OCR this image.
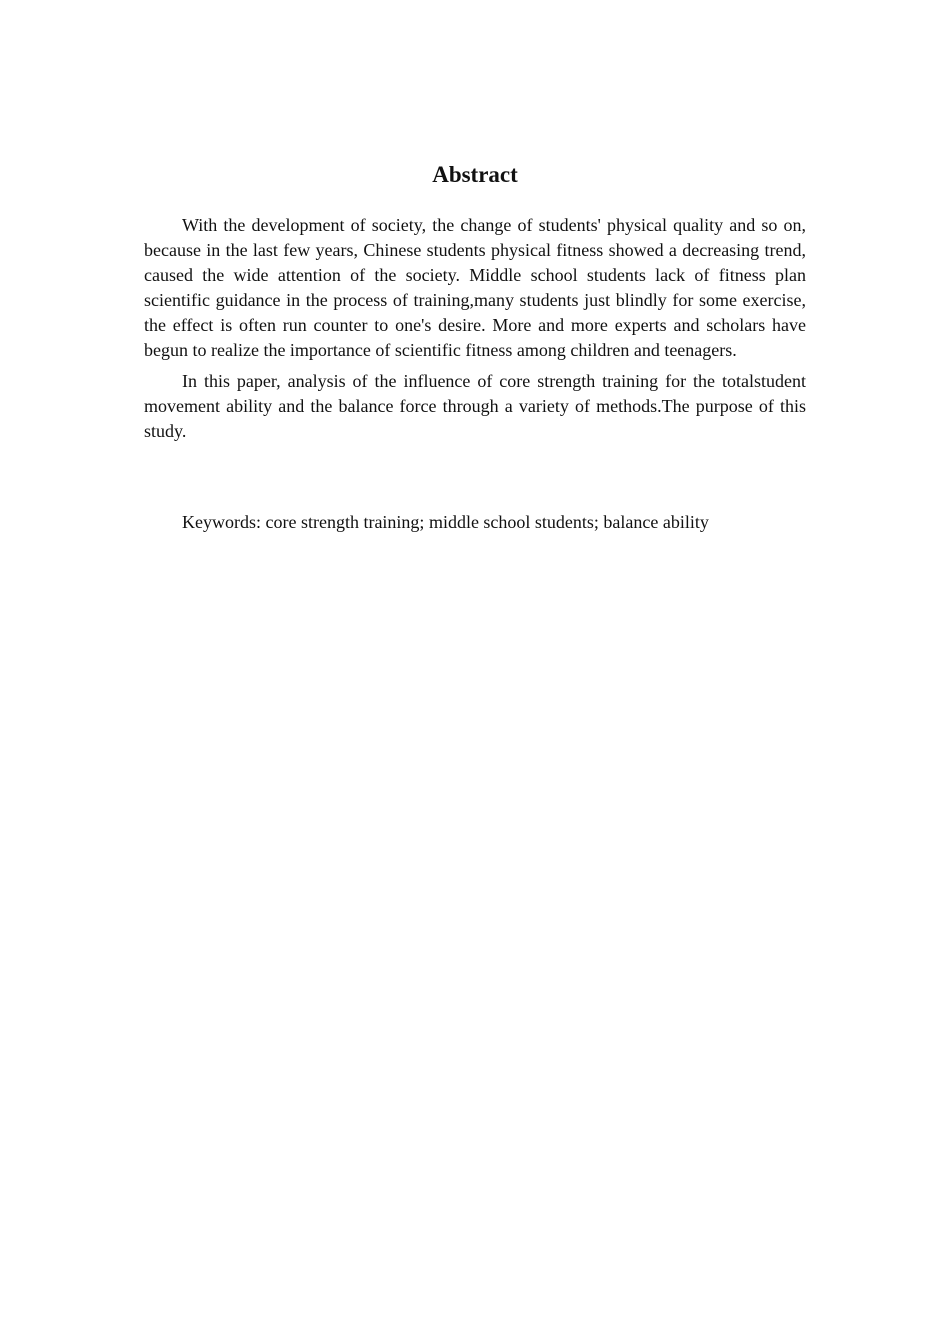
Abstract

With the development of society, the change of students' physical quality and so on, because in the last few years, Chinese students physical fitness showed a decreasing trend, caused the wide attention of the society. Middle school students lack of fitness plan scientific guidance in the process of training,many students just blindly for some exercise, the effect is often run counter to one's desire. More and more experts and scholars have begun to realize the importance of scientific fitness among children and teenagers.

In this paper, analysis of the influence of core strength training for the totalstudent movement ability and the balance force through a variety of methods.The purpose of this study.

Keywords: core strength training; middle school students; balance ability
